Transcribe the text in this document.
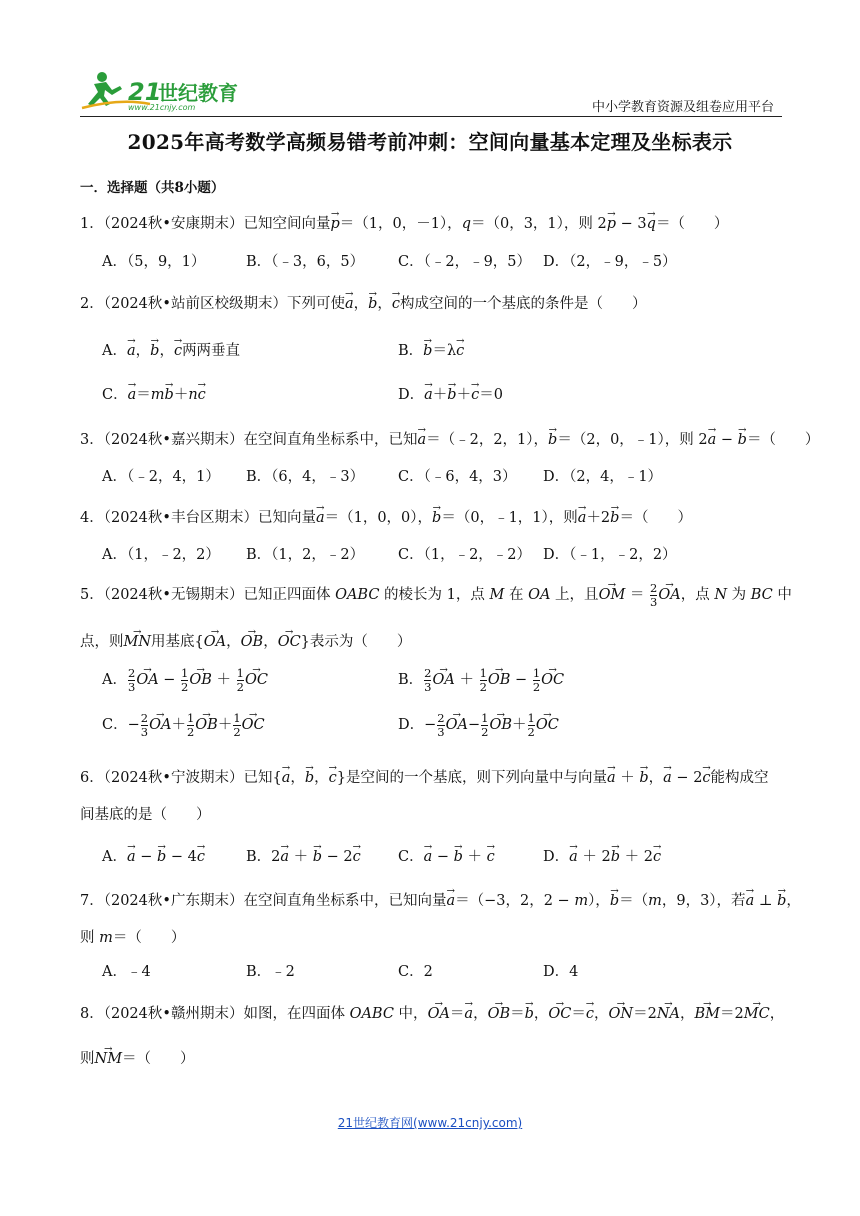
21
世纪教育
www.21cnjy.com	中小学教育资源及组卷应用平台
2025年高考数学高频易错考前冲刺：空间向量基本定理及坐标表示
一．选择题（共8小题）
1．（2024秋•安康期末）已知空间向量→ p＝（1，0，－1），q＝（0，3，1），则 2→ p − 3→ q＝（　　）
A．（5，9，1）	B．（﹣3，6，5） C．（﹣2，﹣9，5） D．（2，﹣9，﹣5）
2．（2024秋•站前区校级期末）下列可使→ a，→ b，→ c构成空间的一个基底的条件是（　　）
A．→ a，→ b，→ c两两垂直	B．→ b＝λ→ c
C．→ a＝m→ b＋n→ c	D．→ a＋→ b＋→ c＝0
3．（2024秋•嘉兴期末）在空间直角坐标系中，已知→ a＝（﹣2，2，1），→ b＝（2，0，﹣1），则 2→ a − → b＝（　　）
A．（﹣2，4，1） B．（6，4，﹣3） C．（﹣6，4，3） D．（2，4，﹣1）
4．（2024秋•丰台区期末）已知向量→ a＝（1，0，0），→ b＝（0，﹣1，1），则→ a＋2→ b＝（　　）
A．（1，﹣2，2） B．（1，2，﹣2） C．（1，﹣2，﹣2） D．（﹣1，﹣2，2）
5．（2024秋•无锡期末）已知正四面体 OABC 的棱长为 1，点 M 在 OA 上，且→ OM ＝ $\frac{2}{3}$
→ OA，点 N 为 BC 中
点，则→ MN用基底{→ OA，→ OB，→ OC}表示为（　　）
A． $\frac{2}{3}$
→ OA − $\frac{1}{2}$
→ OB ＋ $\frac{1}{2}$
→ OC	B． $\frac{2}{3}$
→ OA ＋ $\frac{1}{2}$
→ OB − $\frac{1}{2}$
→ OC
C．− $\frac{2}{3}$
→ $OA+ \frac{1}{2}$
→ $OB+ \frac{1}{2}$
→ OC	D．− $\frac{2}{3}$
→ $OA- \frac{1}{2}$
→ $OB+ \frac{1}{2}$
→ OC
6．（2024秋•宁波期末）已知{→ a，→ b，→ c}是空间的一个基底，则下列向量中与向量→ a ＋ → b，→ a − 2→ c能构成空
间基底的是（　　）
A．→ a − → b − 4→ c	B．2→ a ＋ → b − 2→ c	C．→ a − → b ＋ → c	D．→ a ＋ 2→ b ＋ 2→ c
7．（2024秋•广东期末）在空间直角坐标系中，已知向量→ a＝（−3，2，2 − m），→ b＝（m，9，3），若→ a ⊥ → b，
则 m＝（　　）
A．﹣4	B．﹣2	C．2	D．4
8．（2024秋•赣州期末）如图，在四面体 OABC 中，→ OA＝→ a，→ OB＝→ b，→ OC＝→ c，→ ON＝2→ NA，→ BM＝2→ MC，
则→ NM＝（　　）
21世纪教育网(www.21cnjy.com)
